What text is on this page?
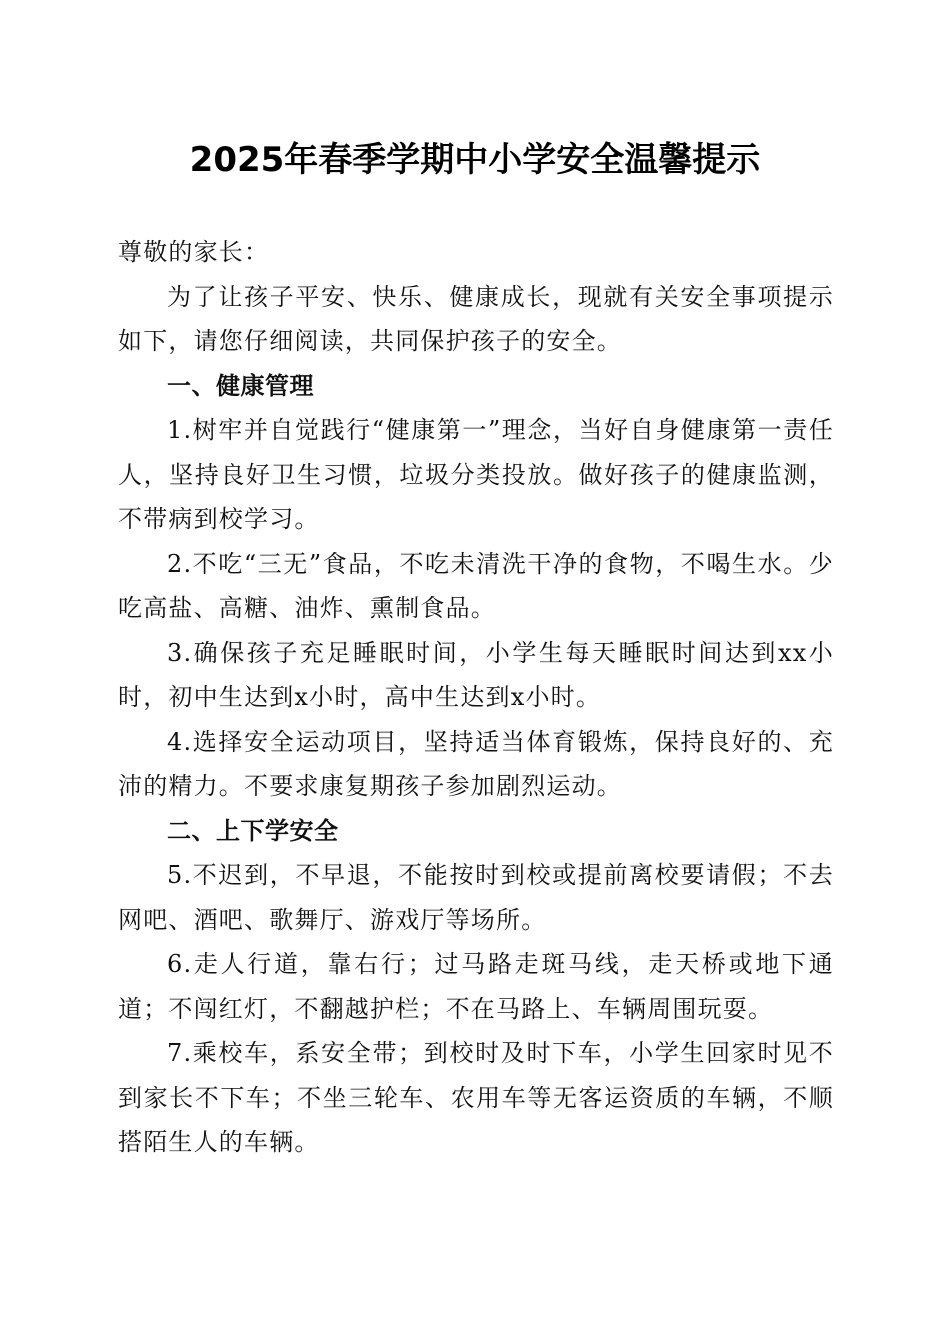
2025年春季学期中小学安全温馨提示

尊敬的家长：

为了让孩子平安、快乐、健康成长，现就有关安全事项提示如下，请您仔细阅读，共同保护孩子的安全。

一、健康管理

1.树牢并自觉践行“健康第一”理念，当好自身健康第一责任人，坚持良好卫生习惯，垃圾分类投放。做好孩子的健康监测，不带病到校学习。

2.不吃“三无”食品，不吃未清洗干净的食物，不喝生水。少吃高盐、高糖、油炸、熏制食品。

3.确保孩子充足睡眠时间，小学生每天睡眠时间达到xx小时，初中生达到x小时，高中生达到x小时。

4.选择安全运动项目，坚持适当体育锻炼，保持良好的、充沛的精力。不要求康复期孩子参加剧烈运动。

二、上下学安全

5.不迟到，不早退，不能按时到校或提前离校要请假；不去网吧、酒吧、歌舞厅、游戏厅等场所。

6.走人行道，靠右行；过马路走斑马线，走天桥或地下通道；不闯红灯，不翻越护栏；不在马路上、车辆周围玩耍。

7.乘校车，系安全带；到校时及时下车，小学生回家时见不到家长不下车；不坐三轮车、农用车等无客运资质的车辆，不顺搭陌生人的车辆。
